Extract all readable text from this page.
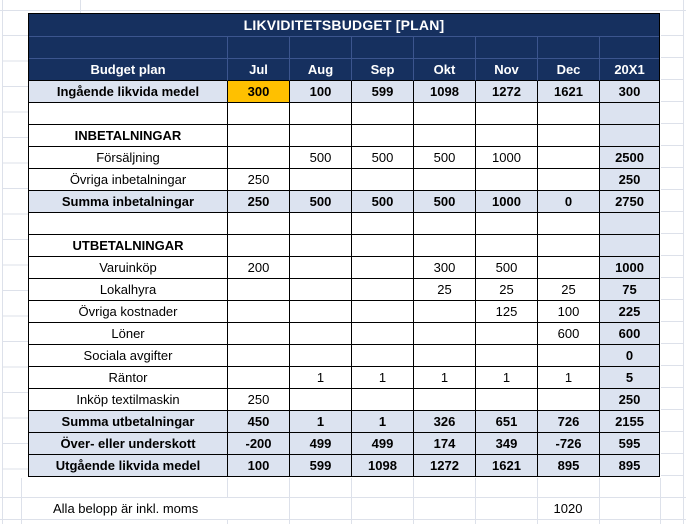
LIKVIDITETSBUDGET [PLAN]							

Budget plan	Jul	Aug	Sep	Okt	Nov	Dec	20X1
Ingående likvida medel	300	100	599	1098	1272	1621	300

INBETALNINGAR							
Försäljning		500	500	500	1000		2500
Övriga inbetalningar	250						250
Summa inbetalningar	250	500	500	500	1000	0	2750

UTBETALNINGAR							
Varuinköp	200			300	500		1000
Lokalhyra				25	25	25	75
Övriga kostnader					125	100	225
Löner						600	600
Sociala avgifter							0
Räntor		1	1	1	1	1	5
Inköp textilmaskin	250						250
Summa utbetalningar	450	1	1	326	651	726	2155
Över- eller underskott	-200	499	499	174	349	-726	595
Utgående likvida medel	100	599	1098	1272	1621	895	895
Alla belopp är inkl. moms	1020
